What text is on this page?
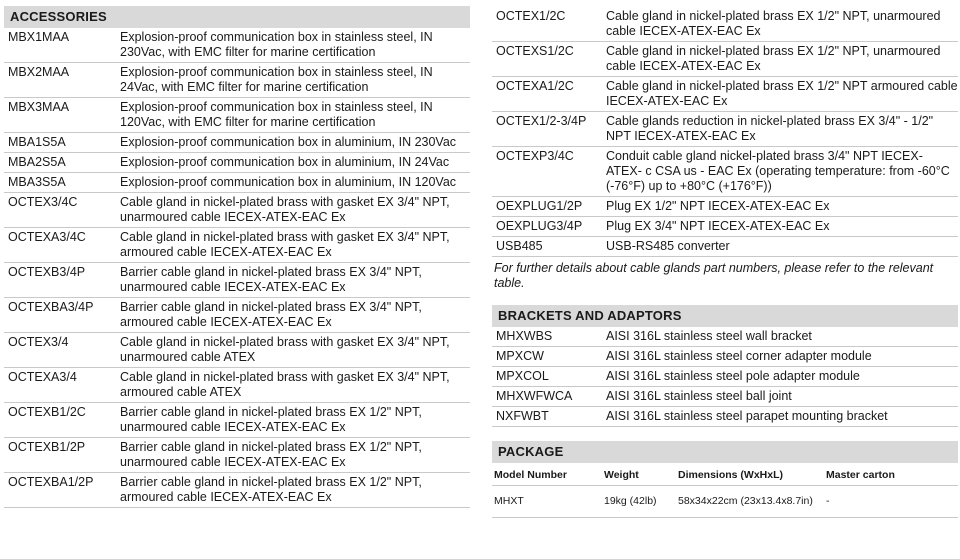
ACCESSORIES
MBX1MAA	Explosion-proof communication box in stainless steel, IN 230Vac, with EMC filter for marine certification
MBX2MAA	Explosion-proof communication box in stainless steel, IN 24Vac, with EMC filter for marine certification
MBX3MAA	Explosion-proof communication box in stainless steel, IN 120Vac, with EMC filter for marine certification
MBA1S5A	Explosion-proof communication box in aluminium, IN 230Vac
MBA2S5A	Explosion-proof communication box in aluminium, IN 24Vac
MBA3S5A	Explosion-proof communication box in aluminium, IN 120Vac
OCTEX3/4C	Cable gland in nickel-plated brass with gasket EX 3/4" NPT, unarmoured cable IECEX-ATEX-EAC Ex
OCTEXA3/4C	Cable gland in nickel-plated brass with gasket EX 3/4" NPT, armoured cable IECEX-ATEX-EAC Ex
OCTEXB3/4P	Barrier cable gland in nickel-plated brass EX 3/4" NPT, unarmoured cable IECEX-ATEX-EAC Ex
OCTEXBA3/4P	Barrier cable gland in nickel-plated brass EX 3/4" NPT, armoured cable IECEX-ATEX-EAC Ex
OCTEX3/4	Cable gland in nickel-plated brass with gasket EX 3/4" NPT, unarmoured cable ATEX
OCTEXA3/4	Cable gland in nickel-plated brass with gasket EX 3/4" NPT, armoured cable ATEX
OCTEXB1/2C	Barrier cable gland in nickel-plated brass EX 1/2" NPT, unarmoured cable IECEX-ATEX-EAC Ex
OCTEXB1/2P	Barrier cable gland in nickel-plated brass EX 1/2" NPT, unarmoured cable IECEX-ATEX-EAC Ex
OCTEXBA1/2P	Barrier cable gland in nickel-plated brass EX 1/2" NPT, armoured cable IECEX-ATEX-EAC Ex
OCTEX1/2C	Cable gland in nickel-plated brass EX 1/2" NPT, unarmoured cable IECEX-ATEX-EAC Ex
OCTEXS1/2C	Cable gland in nickel-plated brass EX 1/2" NPT, unarmoured cable IECEX-ATEX-EAC Ex
OCTEXA1/2C	Cable gland in nickel-plated brass EX 1/2" NPT armoured cable IECEX-ATEX-EAC Ex
OCTEX1/2-3/4P	Cable glands reduction in nickel-plated brass EX 3/4" - 1/2" NPT IECEX-ATEX-EAC Ex
OCTEXP3/4C	Conduit cable gland nickel-plated brass 3/4" NPT IECEX-ATEX- c CSA us - EAC Ex (operating temperature: from -60°C (-76°F) up to +80°C (+176°F))
OEXPLUG1/2P	Plug EX 1/2" NPT IECEX-ATEX-EAC Ex
OEXPLUG3/4P	Plug EX 3/4" NPT IECEX-ATEX-EAC Ex
USB485	USB-RS485 converter
For further details about cable glands part numbers, please refer to the relevant table.
BRACKETS AND ADAPTORS
MHXWBS	AISI 316L stainless steel wall bracket
MPXCW	AISI 316L stainless steel corner adapter module
MPXCOL	AISI 316L stainless steel pole adapter module
MHXWFWCA	AISI 316L stainless steel ball joint
NXFWBT	AISI 316L stainless steel parapet mounting bracket
PACKAGE
Model Number	Weight	Dimensions (WxHxL)	Master carton
MHXT	19kg (42lb)	58x34x22cm (23x13.4x8.7in)	-
